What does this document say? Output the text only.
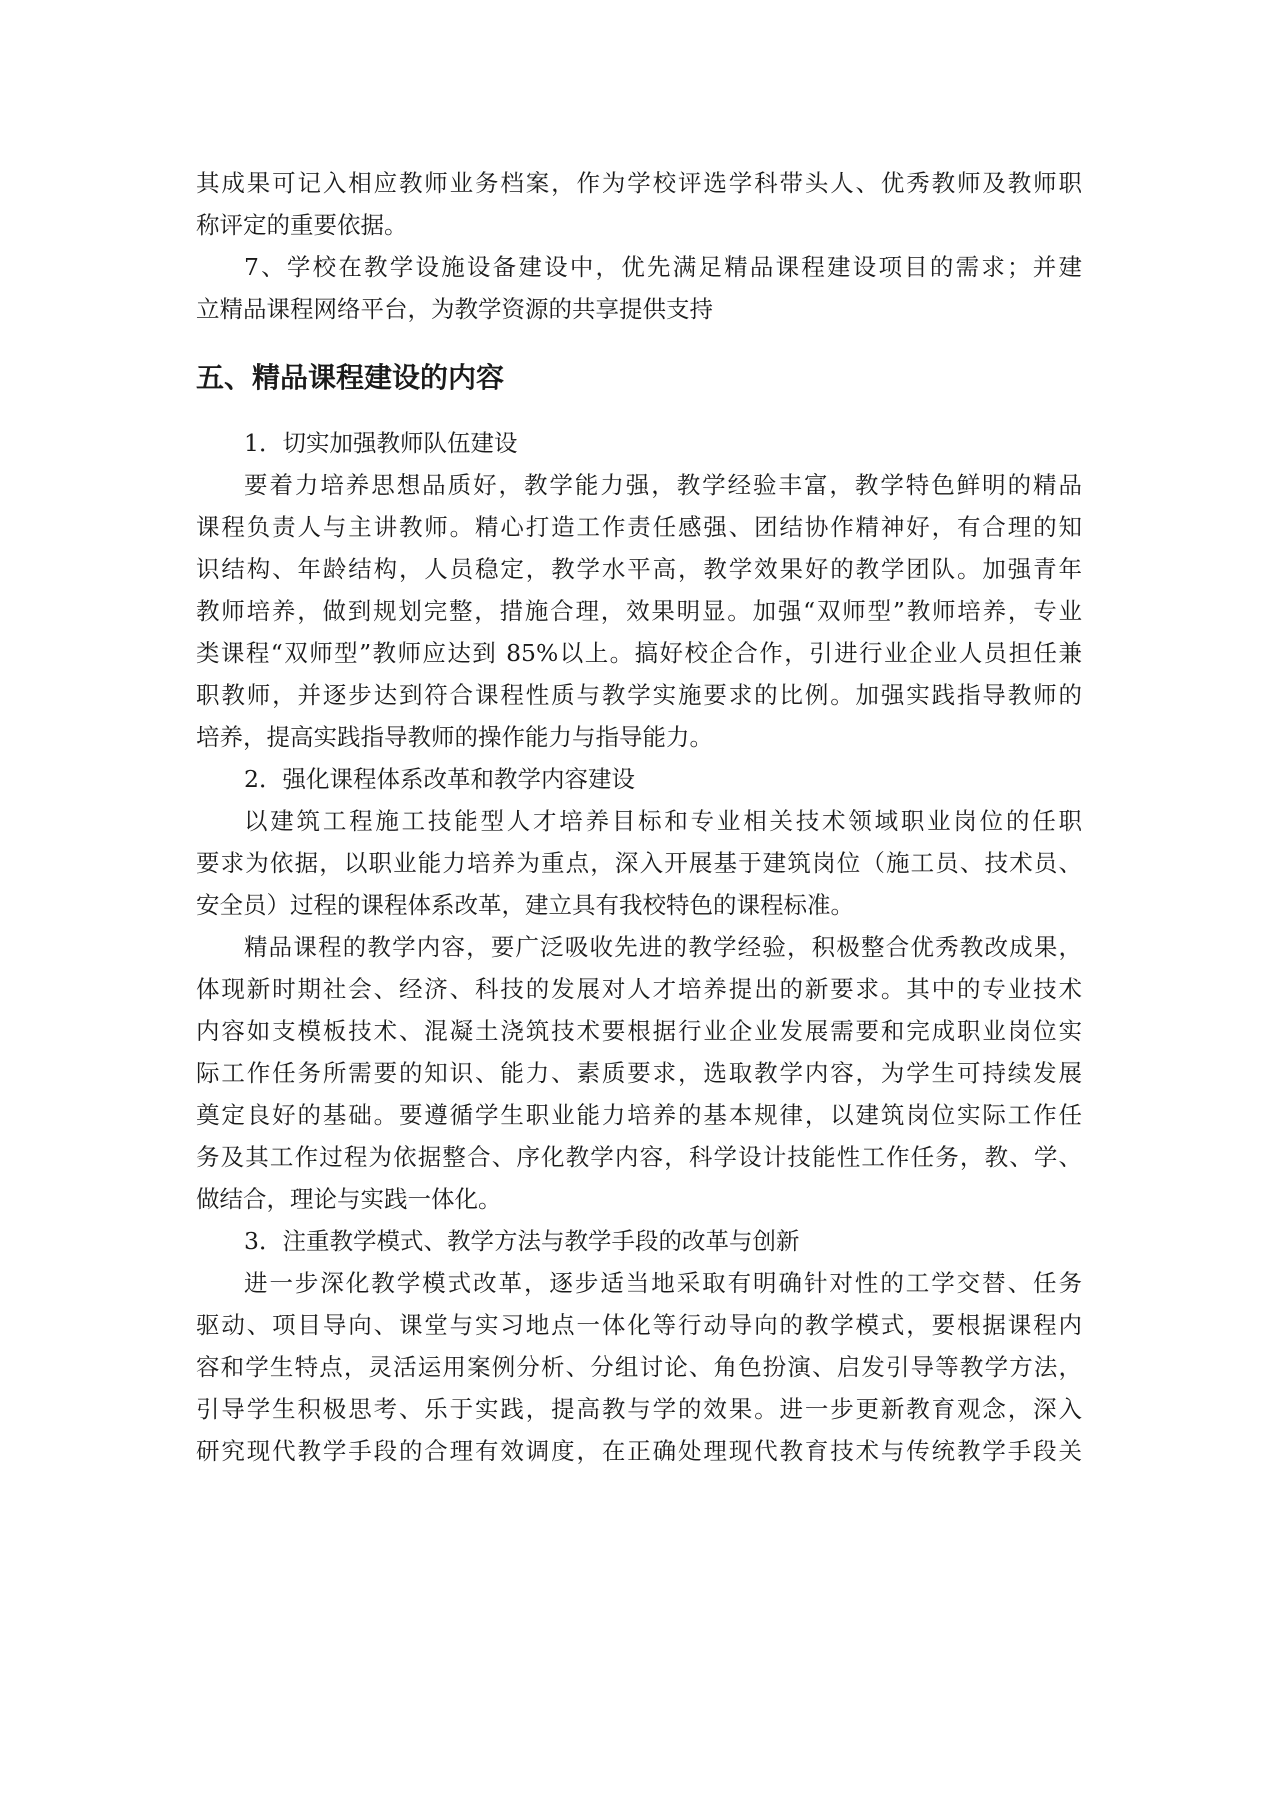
其成果可记入相应教师业务档案，作为学校评选学科带头人、优秀教师及教师职

称评定的重要依据。

7、学校在教学设施设备建设中，优先满足精品课程建设项目的需求；并建

立精品课程网络平台，为教学资源的共享提供支持

五、精品课程建设的内容

1．切实加强教师队伍建设

要着力培养思想品质好，教学能力强，教学经验丰富，教学特色鲜明的精品

课程负责人与主讲教师。精心打造工作责任感强、团结协作精神好，有合理的知

识结构、年龄结构，人员稳定，教学水平高，教学效果好的教学团队。加强青年

教师培养，做到规划完整，措施合理，效果明显。加强“双师型”教师培养，专业

类课程“双师型”教师应达到 85%以上。搞好校企合作，引进行业企业人员担任兼

职教师，并逐步达到符合课程性质与教学实施要求的比例。加强实践指导教师的

培养，提高实践指导教师的操作能力与指导能力。

2．强化课程体系改革和教学内容建设

以建筑工程施工技能型人才培养目标和专业相关技术领域职业岗位的任职

要求为依据，以职业能力培养为重点，深入开展基于建筑岗位（施工员、技术员、

安全员）过程的课程体系改革，建立具有我校特色的课程标准。

精品课程的教学内容，要广泛吸收先进的教学经验，积极整合优秀教改成果，

体现新时期社会、经济、科技的发展对人才培养提出的新要求。其中的专业技术

内容如支模板技术、混凝土浇筑技术要根据行业企业发展需要和完成职业岗位实

际工作任务所需要的知识、能力、素质要求，选取教学内容，为学生可持续发展

奠定良好的基础。要遵循学生职业能力培养的基本规律，以建筑岗位实际工作任

务及其工作过程为依据整合、序化教学内容，科学设计技能性工作任务，教、学、

做结合，理论与实践一体化。

3．注重教学模式、教学方法与教学手段的改革与创新

进一步深化教学模式改革，逐步适当地采取有明确针对性的工学交替、任务

驱动、项目导向、课堂与实习地点一体化等行动导向的教学模式，要根据课程内

容和学生特点，灵活运用案例分析、分组讨论、角色扮演、启发引导等教学方法，

引导学生积极思考、乐于实践，提高教与学的效果。进一步更新教育观念，深入

研究现代教学手段的合理有效调度，在正确处理现代教育技术与传统教学手段关
